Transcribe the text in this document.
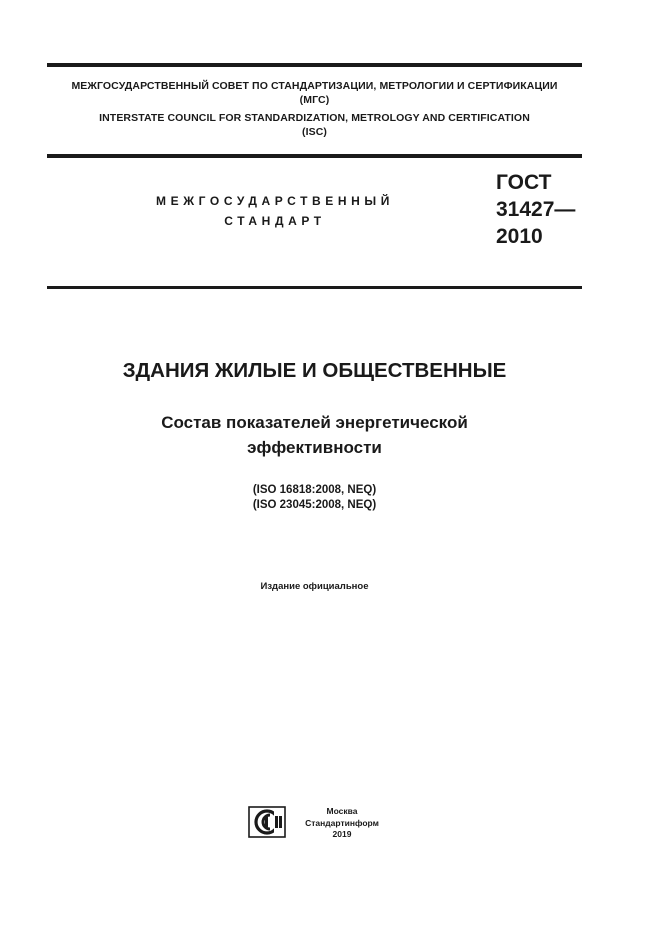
МЕЖГОСУДАРСТВЕННЫЙ СОВЕТ ПО СТАНДАРТИЗАЦИИ, МЕТРОЛОГИИ И СЕРТИФИКАЦИИ
(МГС)
INTERSTATE COUNCIL FOR STANDARDIZATION, METROLOGY AND CERTIFICATION
(ISC)
МЕЖГОСУДАРСТВЕННЫЙ
СТАНДАРТ
ГОСТ
31427—
2010
ЗДАНИЯ ЖИЛЫЕ И ОБЩЕСТВЕННЫЕ
Состав показателей энергетической
эффективности
(ISO 16818:2008, NEQ)
(ISO 23045:2008, NEQ)
Издание официальное
Москва
Стандартинформ
2019
